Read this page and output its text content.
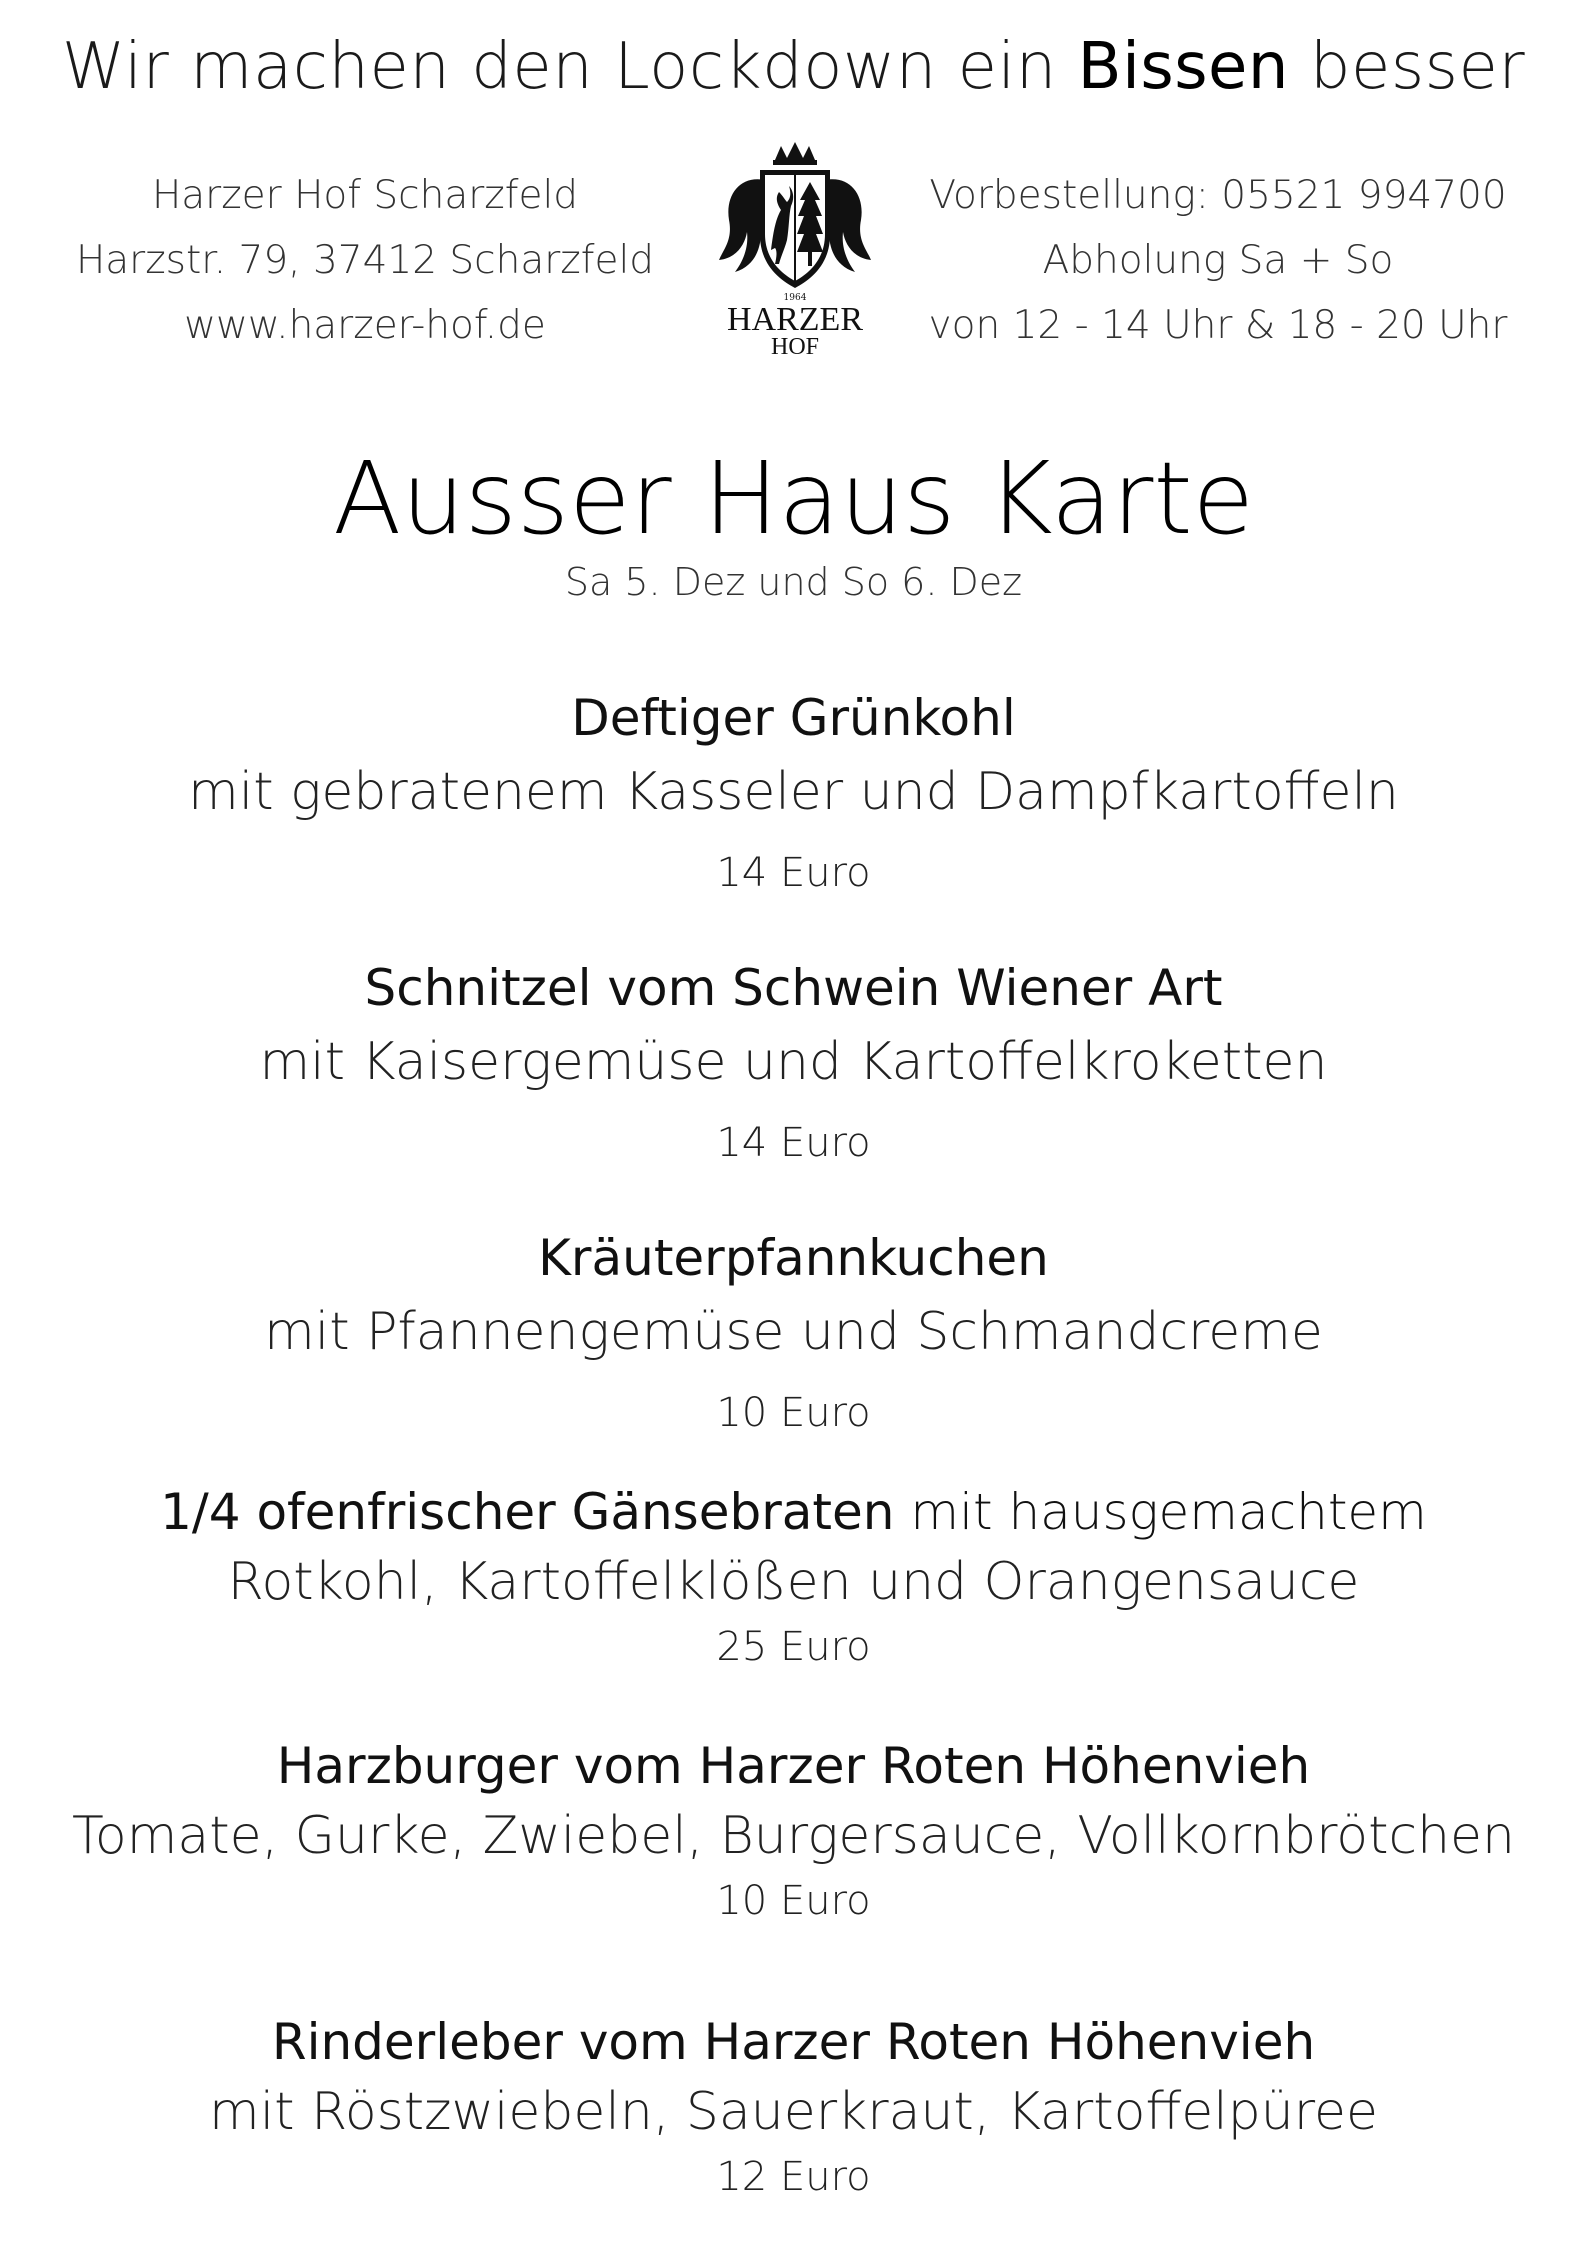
Wir machen den Lockdown ein Bissen besser
Harzer Hof Scharzfeld
Harzstr. 79, 37412 Scharzfeld
www.harzer-hof.de
1964
HARZER
HOF
Vorbestellung: 05521 994700
Abholung Sa + So
von 12 - 14 Uhr & 18 - 20 Uhr
Ausser Haus Karte
Sa 5. Dez und So 6. Dez
Deftiger Grünkohl
mit gebratenem Kasseler und Dampfkartoffeln
14 Euro
Schnitzel vom Schwein Wiener Art
mit Kaisergemüse und Kartoffelkroketten
14 Euro
Kräuterpfannkuchen
mit Pfannengemüse und Schmandcreme
10 Euro
1/4 ofenfrischer Gänsebraten mit hausgemachtem
Rotkohl, Kartoffelklößen und Orangensauce
25 Euro
Harzburger vom Harzer Roten Höhenvieh
Tomate, Gurke, Zwiebel, Burgersauce, Vollkornbrötchen
10 Euro
Rinderleber vom Harzer Roten Höhenvieh
mit Röstzwiebeln, Sauerkraut, Kartoffelpüree
12 Euro
